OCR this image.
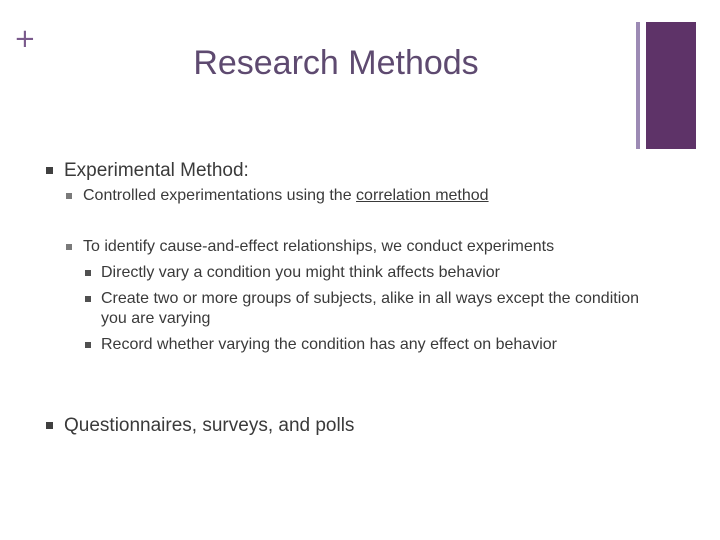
+
Research Methods
Experimental Method:
Controlled experimentations using the correlation method
To identify cause-and-effect relationships, we conduct experiments
Directly vary a condition you might think affects behavior
Create two or more groups of subjects, alike in all ways except the condition you are varying
Record whether varying the condition has any effect on behavior
Questionnaires, surveys, and polls
